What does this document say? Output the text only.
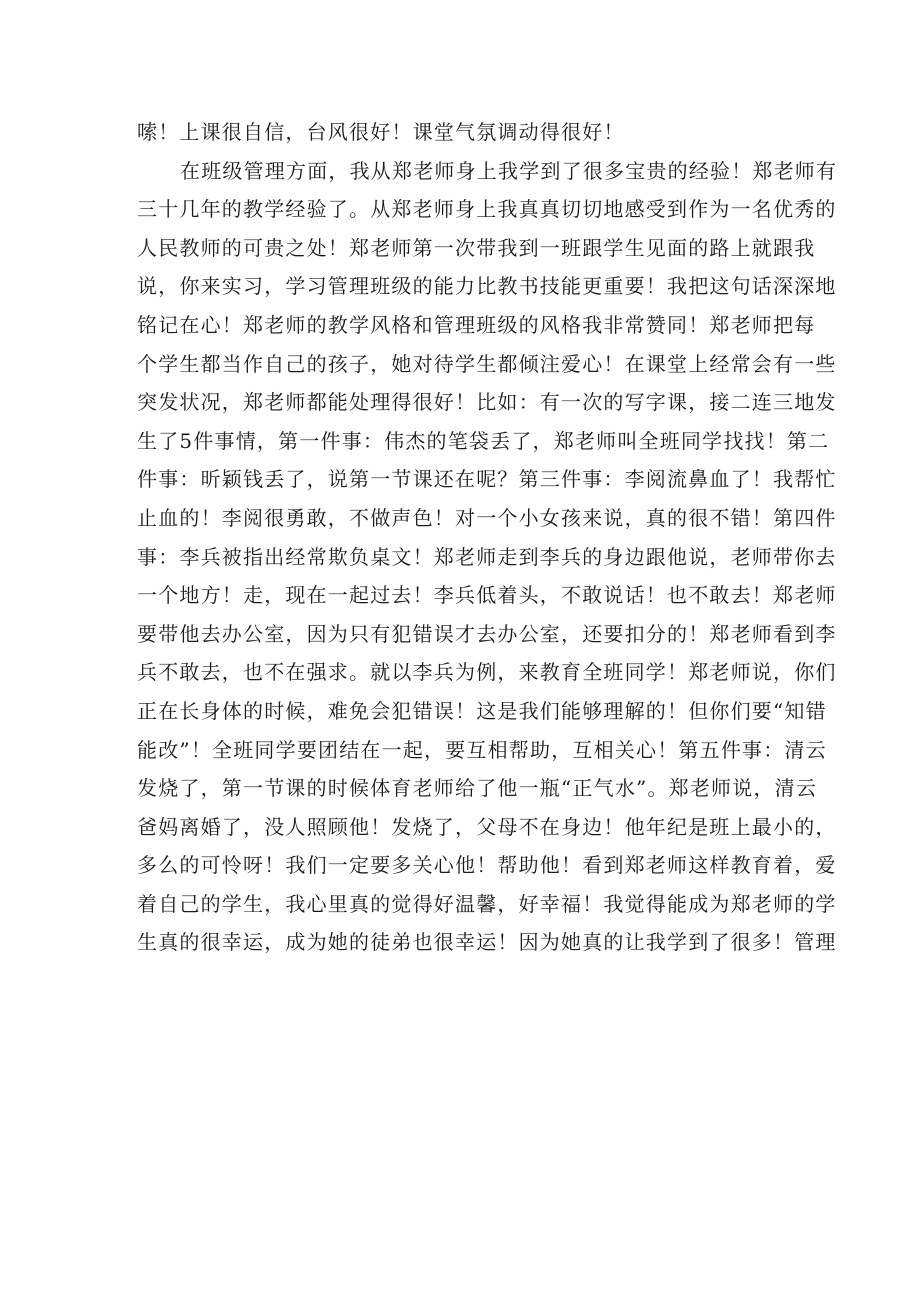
嗦！上课很自信，台风很好！课堂气氛调动得很好！
在班级管理方面，我从郑老师身上我学到了很多宝贵的经验！郑老师有
三十几年的教学经验了。从郑老师身上我真真切切地感受到作为一名优秀的
人民教师的可贵之处！郑老师第一次带我到一班跟学生见面的路上就跟我
说，你来实习，学习管理班级的能力比教书技能更重要！我把这句话深深地
铭记在心！郑老师的教学风格和管理班级的风格我非常赞同！郑老师把每
个学生都当作自己的孩子，她对待学生都倾注爱心！在课堂上经常会有一些
突发状况，郑老师都能处理得很好！比如：有一次的写字课，接二连三地发
生了5件事情，第一件事：伟杰的笔袋丢了，郑老师叫全班同学找找！第二
件事：昕颖钱丢了，说第一节课还在呢？第三件事：李阅流鼻血了！我帮忙
止血的！李阅很勇敢，不做声色！对一个小女孩来说，真的很不错！第四件
事：李兵被指出经常欺负桌文！郑老师走到李兵的身边跟他说，老师带你去
一个地方！走，现在一起过去！李兵低着头，不敢说话！也不敢去！郑老师
要带他去办公室，因为只有犯错误才去办公室，还要扣分的！郑老师看到李
兵不敢去，也不在强求。就以李兵为例，来教育全班同学！郑老师说，你们
正在长身体的时候，难免会犯错误！这是我们能够理解的！但你们要“知错
能改”！全班同学要团结在一起，要互相帮助，互相关心！第五件事：清云
发烧了，第一节课的时候体育老师给了他一瓶“正气水”。郑老师说，清云
爸妈离婚了，没人照顾他！发烧了，父母不在身边！他年纪是班上最小的，
多么的可怜呀！我们一定要多关心他！帮助他！看到郑老师这样教育着，爱
着自己的学生，我心里真的觉得好温馨，好幸福！我觉得能成为郑老师的学
生真的很幸运，成为她的徒弟也很幸运！因为她真的让我学到了很多！管理
